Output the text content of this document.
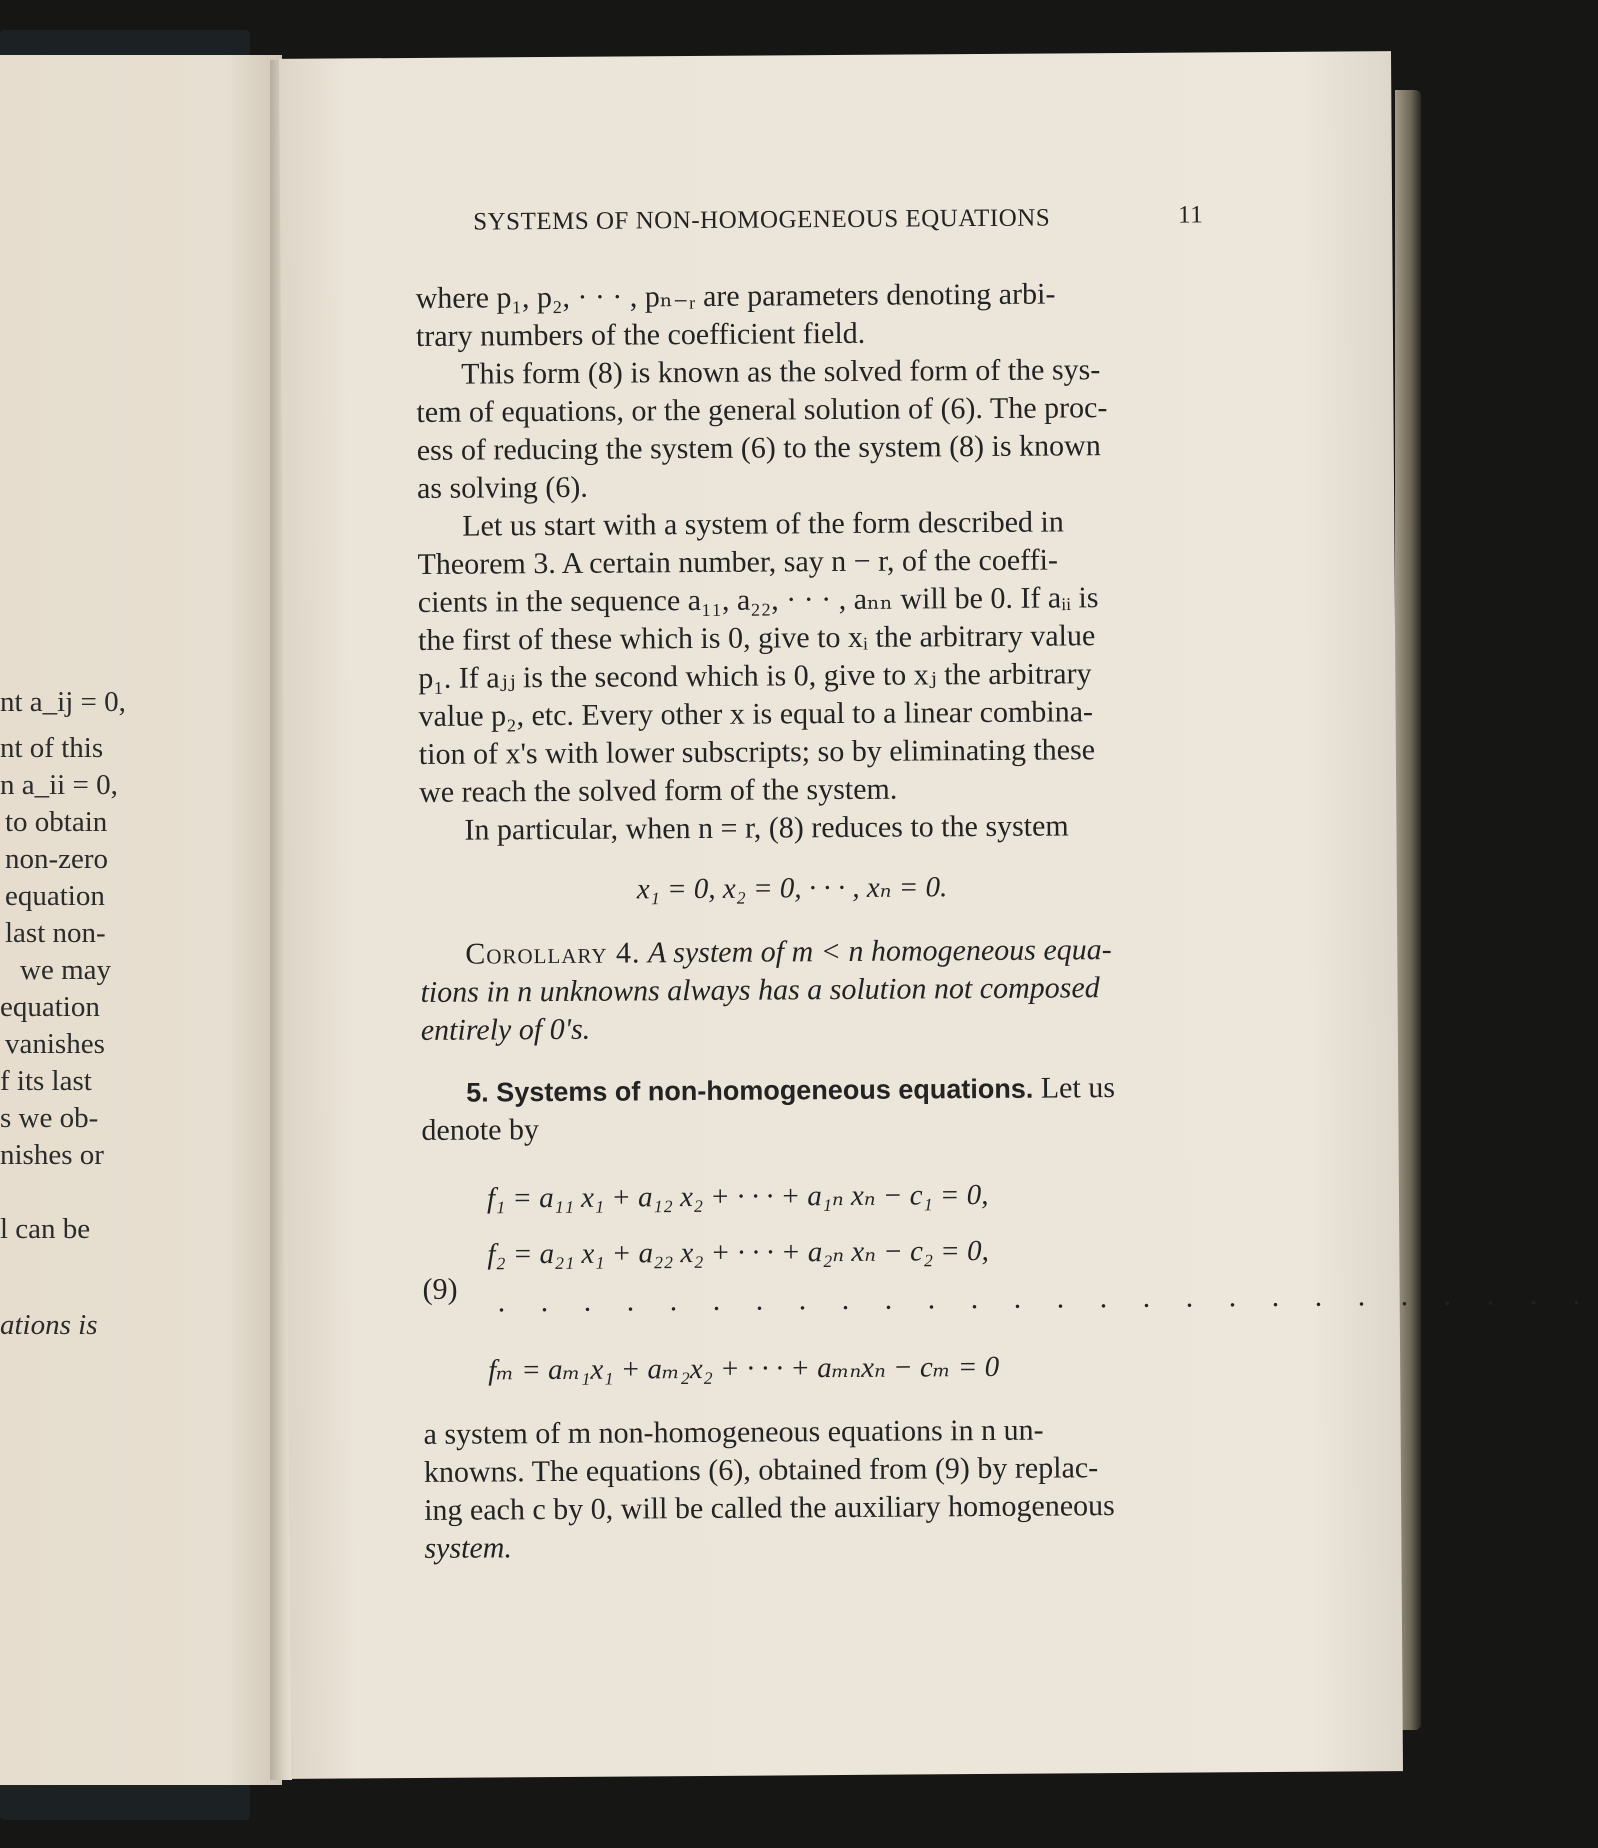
nt a_ij = 0,
nt of this
n a_ii = 0,
to obtain
non-zero
equation
last non-
we may
equation
vanishes
f its last
s we ob-
nishes or
l can be
ations is
SYSTEMS OF NON-HOMOGENEOUS EQUATIONS	11
where p₁, p₂, · · · , pₙ₋ᵣ are parameters denoting arbi-
trary numbers of the coefficient field.
This form (8) is known as the solved form of the sys-
tem of equations, or the general solution of (6). The proc-
ess of reducing the system (6) to the system (8) is known
as solving (6).
Let us start with a system of the form described in
Theorem 3. A certain number, say n − r, of the coeffi-
cients in the sequence a₁₁, a₂₂, · · · , aₙₙ will be 0. If aᵢᵢ is
the first of these which is 0, give to xᵢ the arbitrary value
p₁. If aⱼⱼ is the second which is 0, give to xⱼ the arbitrary
value p₂, etc. Every other x is equal to a linear combina-
tion of x's with lower subscripts; so by eliminating these
we reach the solved form of the system.
In particular, when n = r, (8) reduces to the system
x₁ = 0, x₂ = 0, · · · , xₙ = 0.
Corollary 4. A system of m < n homogeneous equa-
tions in n unknowns always has a solution not composed
entirely of 0's.
5. Systems of non-homogeneous equations. Let us
denote by
f₁ = a₁₁ x₁ + a₁₂ x₂ + · · · + a₁ₙ xₙ − c₁ = 0,
f₂ = a₂₁ x₁ + a₂₂ x₂ + · · · + a₂ₙ xₙ − c₂ = 0,
(9) . . . . . . . . . . . . . . . . . . . . . . . . . .
fₘ = aₘ₁x₁ + aₘ₂x₂ + · · · + aₘₙxₙ − cₘ = 0
a system of m non-homogeneous equations in n un-
knowns. The equations (6), obtained from (9) by replac-
ing each c by 0, will be called the auxiliary homogeneous
system.
